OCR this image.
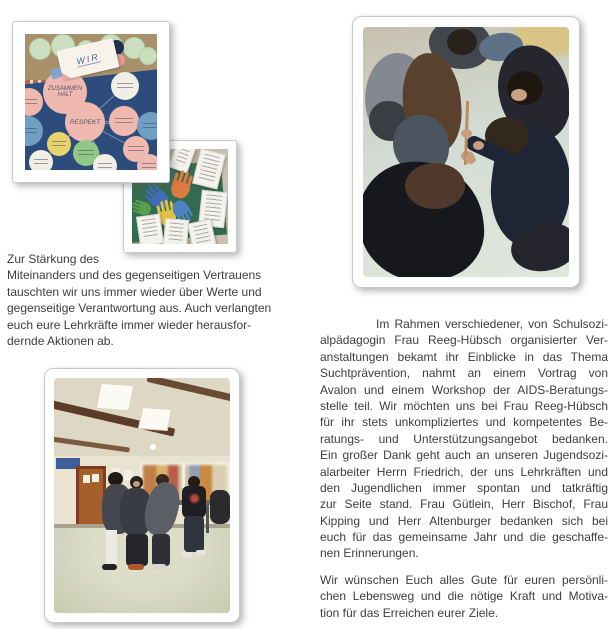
ZUSAMMEN
HALT
RESPEKT
WIR
Zur Stärkung des
Miteinanders und des gegenseitigen Vertrauens
tauschten wir uns immer wieder über Werte und
gegenseitige Verantwortung aus. Auch verlangten
euch eure Lehrkräfte immer wieder herausfor-
dernde Aktionen ab.
Im Rahmen verschiedener, von Schulsozi-
alpädagogin Frau Reeg-Hübsch organisierter Ver-
anstaltungen bekamt ihr Einblicke in das Thema
Suchtprävention, nahmt an einem Vortrag von
Avalon und einem Workshop der AIDS-Beratungs-
stelle teil. Wir möchten uns bei Frau Reeg-Hübsch
für ihr stets unkompliziertes und kompetentes Be-
ratungs- und Unterstützungsangebot bedanken.
Ein großer Dank geht auch an unseren Jugendsozi-
alarbeiter Herrn Friedrich, der uns Lehrkräften und
den Jugendlichen immer spontan und tatkräftig
zur Seite stand. Frau Gütlein, Herr Bischof, Frau
Kipping und Herr Altenburger bedanken sich bei
euch für das gemeinsame Jahr und die geschaffe-
nen Erinnerungen.
Wir wünschen Euch alles Gute für euren persönli-
chen Lebensweg und die nötige Kraft und Motiva-
tion für das Erreichen eurer Ziele.
